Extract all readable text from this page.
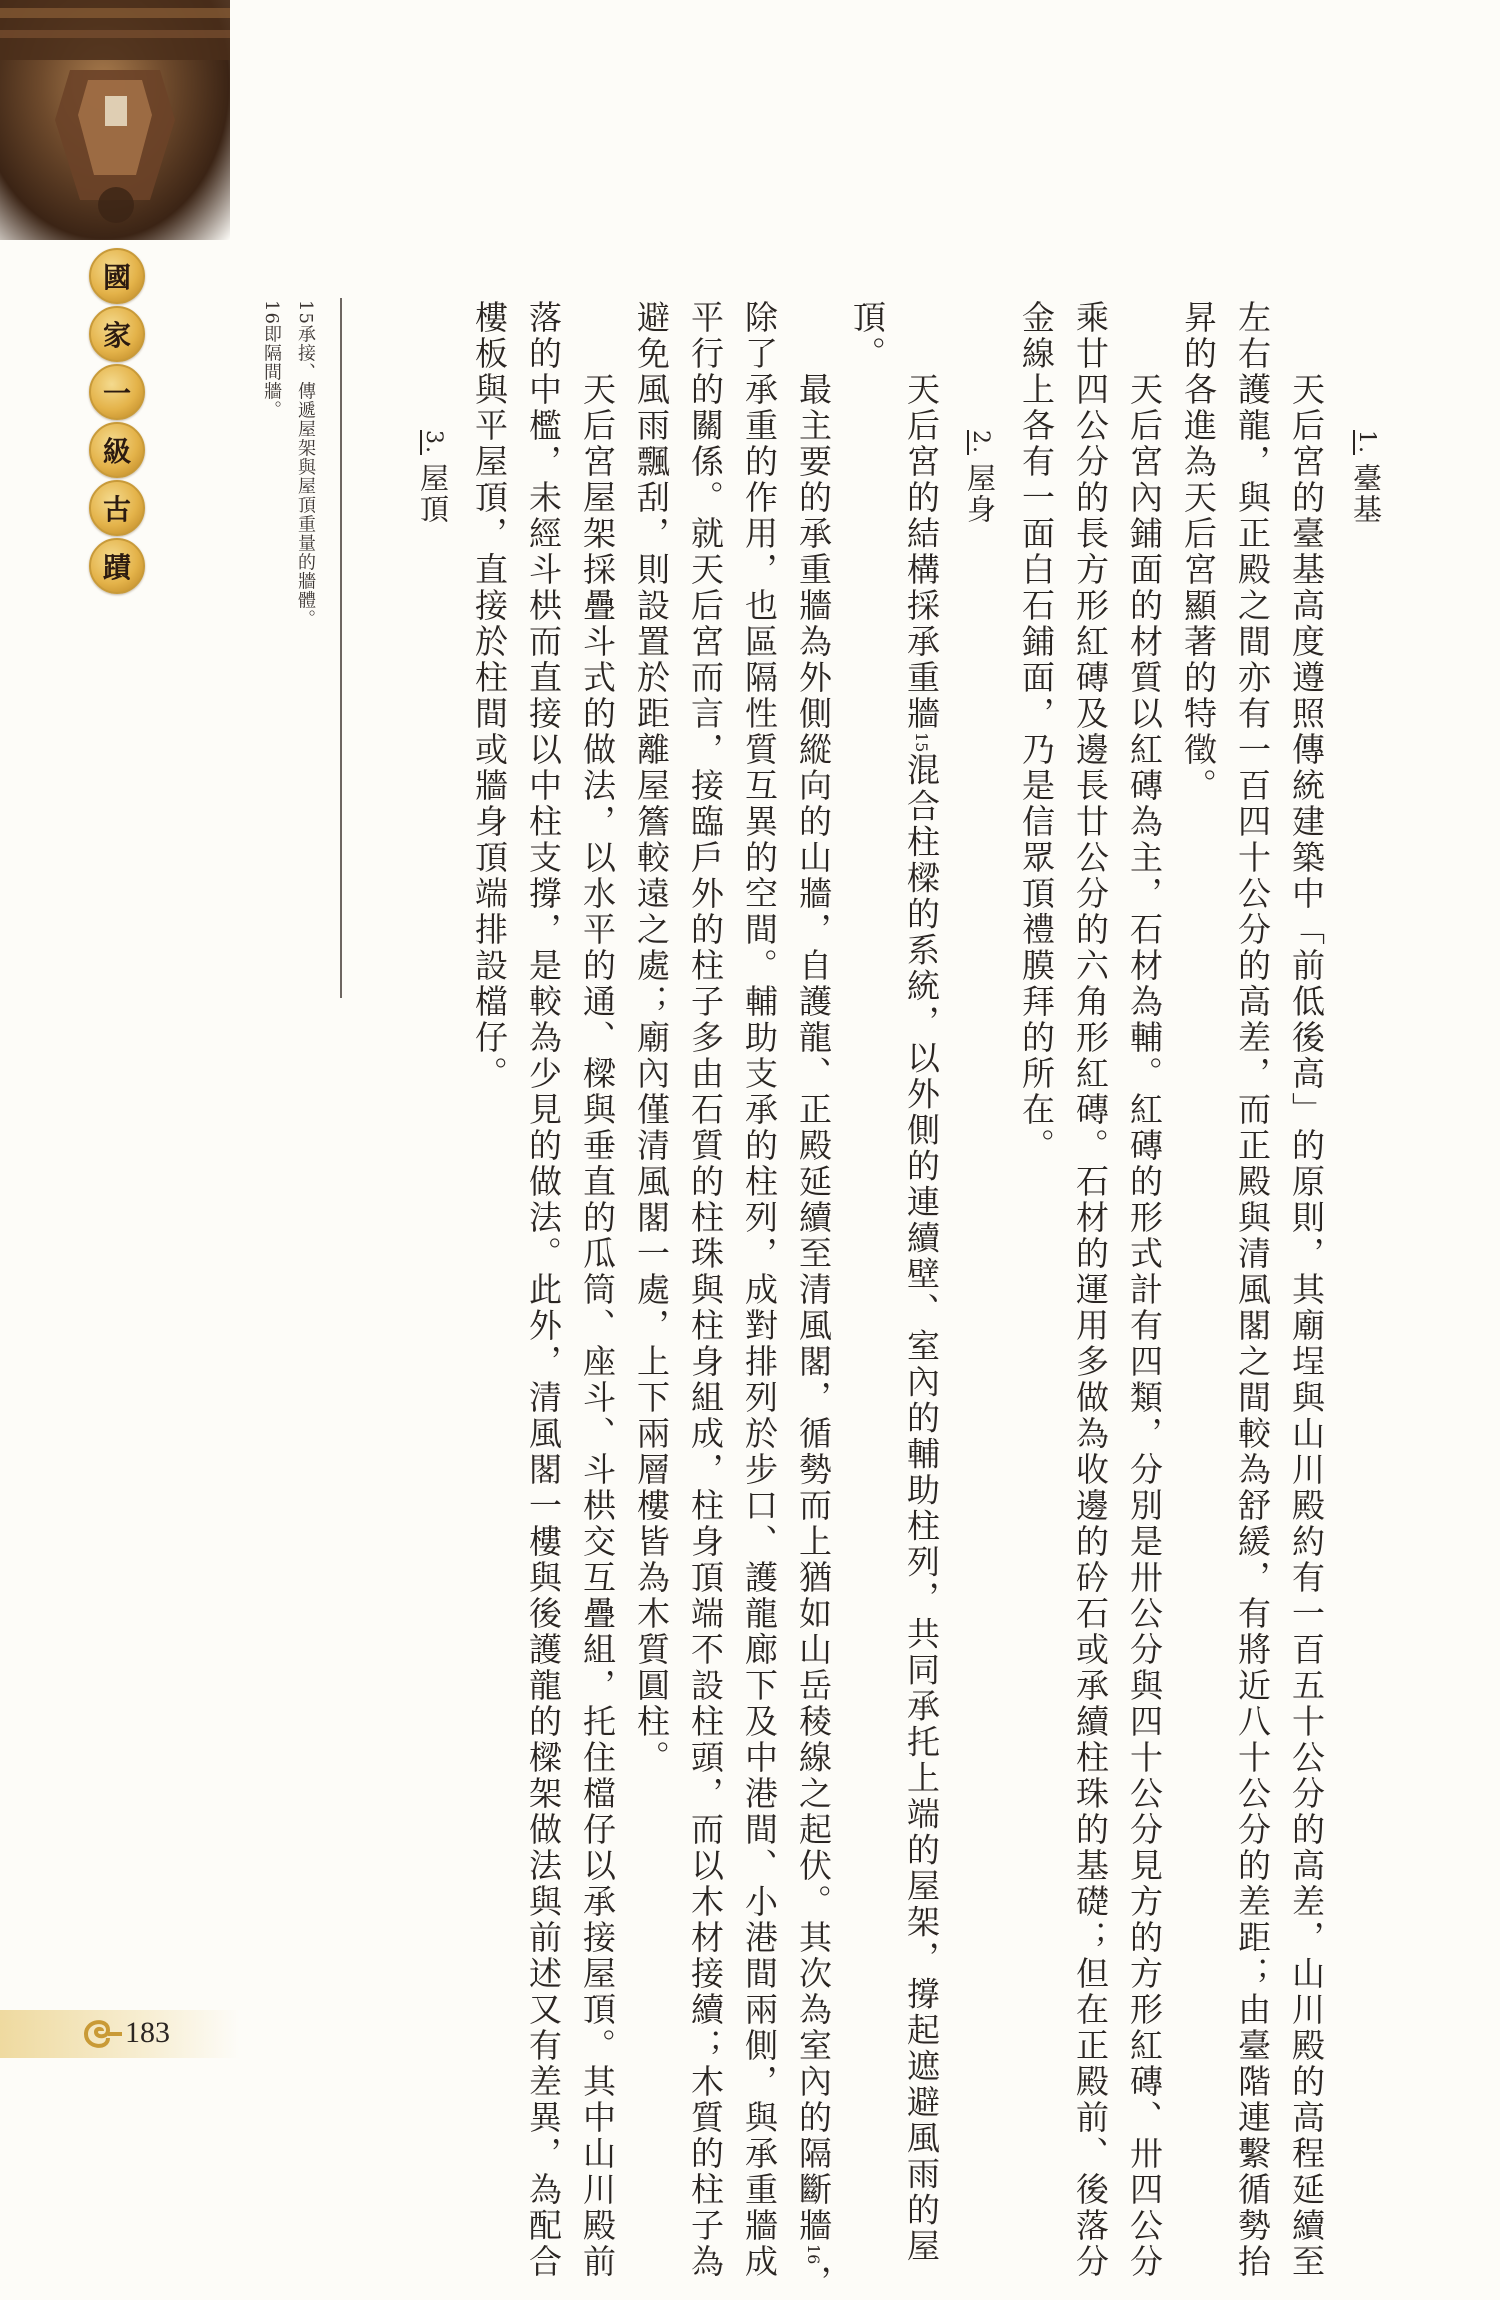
國
家
一
級
古
蹟
1.臺基
天后宮的臺基高度遵照傳統建築中「前低後高」的原則，其廟埕與山川殿約有一百五十公分的高差，山川殿的高程延續至
左右護龍，與正殿之間亦有一百四十公分的高差，而正殿與清風閣之間較為舒緩，有將近八十公分的差距；由臺階連繫循勢抬
昇的各進為天后宮顯著的特徵。
天后宮內鋪面的材質以紅磚為主，石材為輔。紅磚的形式計有四類，分別是卅公分與四十公分見方的方形紅磚、卅四公分
乘廿四公分的長方形紅磚及邊長廿公分的六角形紅磚。石材的運用多做為收邊的砛石或承續柱珠的基礎；但在正殿前、後落分
金線上各有一面白石鋪面，乃是信眾頂禮膜拜的所在。
2.屋身
天后宮的結構採承重牆15混合柱樑的系統，以外側的連續壁、室內的輔助柱列，共同承托上端的屋架，撐起遮避風雨的屋
頂。
最主要的承重牆為外側縱向的山牆，自護龍、正殿延續至清風閣，循勢而上猶如山岳稜線之起伏。其次為室內的隔斷牆16，
除了承重的作用，也區隔性質互異的空間。輔助支承的柱列，成對排列於步口、護龍廊下及中港間、小港間兩側，與承重牆成
平行的關係。就天后宮而言，接臨戶外的柱子多由石質的柱珠與柱身組成，柱身頂端不設柱頭，而以木材接續；木質的柱子為
避免風雨飄刮，則設置於距離屋簷較遠之處；廟內僅清風閣一處，上下兩層樓皆為木質圓柱。
天后宮屋架採疊斗式的做法，以水平的通、樑與垂直的瓜筒、座斗、斗栱交互疊組，托住檔仔以承接屋頂。其中山川殿前
落的中檻，未經斗栱而直接以中柱支撐，是較為少見的做法。此外，清風閣一樓與後護龍的樑架做法與前述又有差異，為配合
樓板與平屋頂，直接於柱間或牆身頂端排設檔仔。
3.屋頂
15承接、傳遞屋架與屋頂重量的牆體。
16即隔間牆。
183
